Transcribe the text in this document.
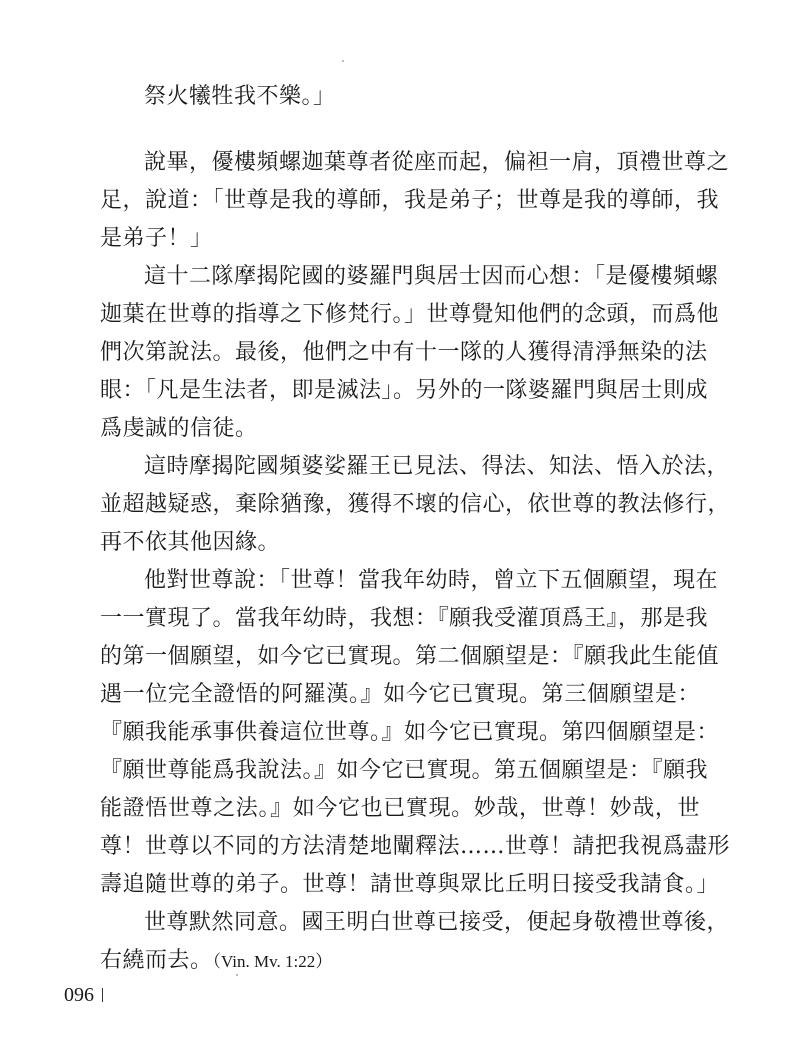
祭火犧牲我不樂。」
說畢，優樓頻螺迦葉尊者從座而起，偏袒一肩，頂禮世尊之
足，說道：「世尊是我的導師，我是弟子；世尊是我的導師，我
是弟子！」
這十二隊摩揭陀國的婆羅門與居士因而心想：「是優樓頻螺
迦葉在世尊的指導之下修梵行。」世尊覺知他們的念頭，而爲他
們次第說法。最後，他們之中有十一隊的人獲得清淨無染的法
眼：「凡是生法者，即是滅法」。另外的一隊婆羅門與居士則成
爲虔誠的信徒。
這時摩揭陀國頻婆娑羅王已見法、得法、知法、悟入於法，
並超越疑惑，棄除猶豫，獲得不壞的信心，依世尊的教法修行，
再不依其他因緣。
他對世尊說：「世尊！當我年幼時，曾立下五個願望，現在
一一實現了。當我年幼時，我想：『願我受灌頂爲王』，那是我
的第一個願望，如今它已實現。第二個願望是：『願我此生能值
遇一位完全證悟的阿羅漢。』如今它已實現。第三個願望是：
『願我能承事供養這位世尊。』如今它已實現。第四個願望是：
『願世尊能爲我說法。』如今它已實現。第五個願望是：『願我
能證悟世尊之法。』如今它也已實現。妙哉，世尊！妙哉，世
尊！世尊以不同的方法清楚地闡釋法……世尊！請把我視爲盡形
壽追隨世尊的弟子。世尊！請世尊與眾比丘明日接受我請食。」
世尊默然同意。國王明白世尊已接受，便起身敬禮世尊後，
右繞而去。（Vin. Mv. 1:22）
096
